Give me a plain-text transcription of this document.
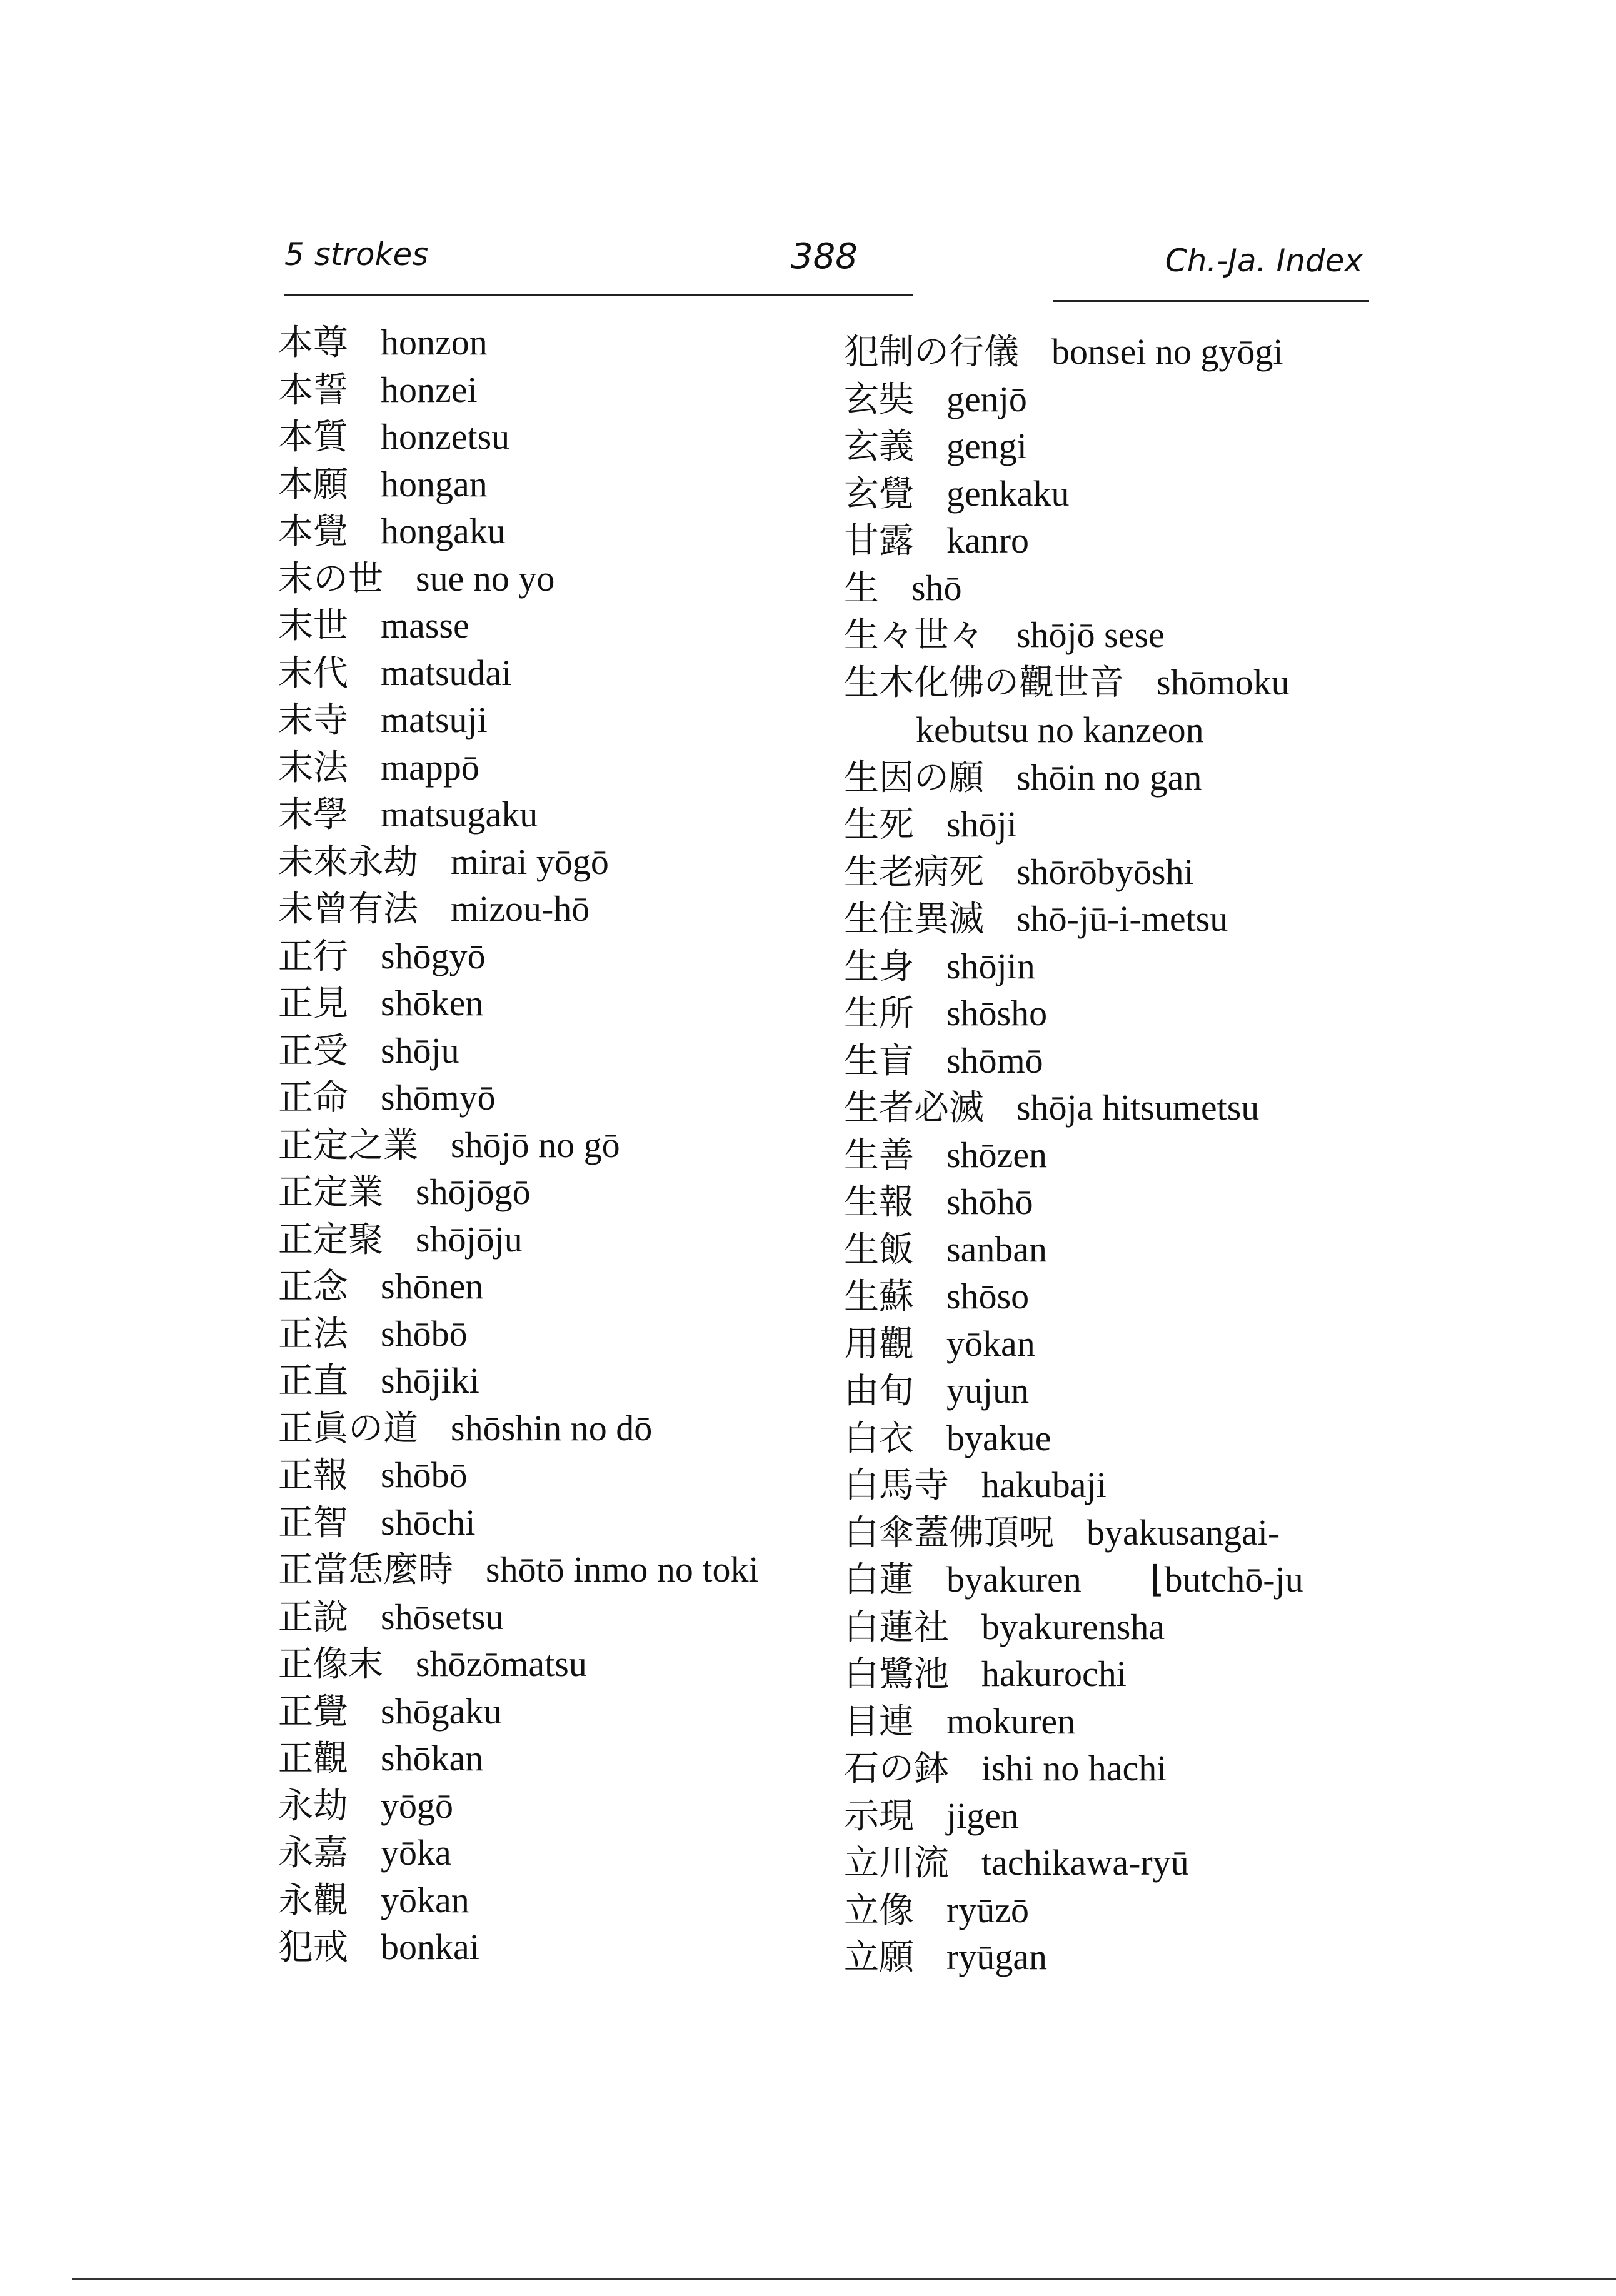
5 strokes	388	Ch.-Ja. Index
本尊 honzon
本誓 honzei
本質 honzetsu
本願 hongan
本覺 hongaku
末の世 sue no yo
末世 masse
末代 matsudai
末寺 matsuji
末法 mappō
末學 matsugaku
未來永劫 mirai yōgō
未曾有法 mizou-hō
正行 shōgyō
正見 shōken
正受 shōju
正命 shōmyō
正定之業 shōjō no gō
正定業 shōjōgō
正定聚 shōjōju
正念 shōnen
正法 shōbō
正直 shōjiki
正眞の道 shōshin no dō
正報 shōbō
正智 shōchi
正當恁麼時 shōtō inmo no toki
正說 shōsetsu
正像末 shōzōmatsu
正覺 shōgaku
正觀 shōkan
永劫 yōgō
永嘉 yōka
永觀 yōkan
犯戒 bonkai
犯制の行儀 bonsei no gyōgi
玄奘 genjō
玄義 gengi
玄覺 genkaku
甘露 kanro
生 shō
生々世々 shōjō sese
生木化佛の觀世音 shōmoku
kebutsu no kanzeon
生因の願 shōin no gan
生死 shōji
生老病死 shōrōbyōshi
生住異滅 shō-jū-i-metsu
生身 shōjin
生所 shōsho
生盲 shōmō
生者必滅 shōja hitsumetsu
生善 shōzen
生報 shōhō
生飯 sanban
生蘇 shōso
用觀 yōkan
由旬 yujun
白衣 byakue
白馬寺 hakubaji
白傘蓋佛頂呪 byakusangai-
白蓮 byakuren ⌊butchō-ju
白蓮社 byakurensha
白鷺池 hakurochi
目連 mokuren
石の鉢 ishi no hachi
示現 jigen
立川流 tachikawa-ryū
立像 ryūzō
立願 ryūgan
